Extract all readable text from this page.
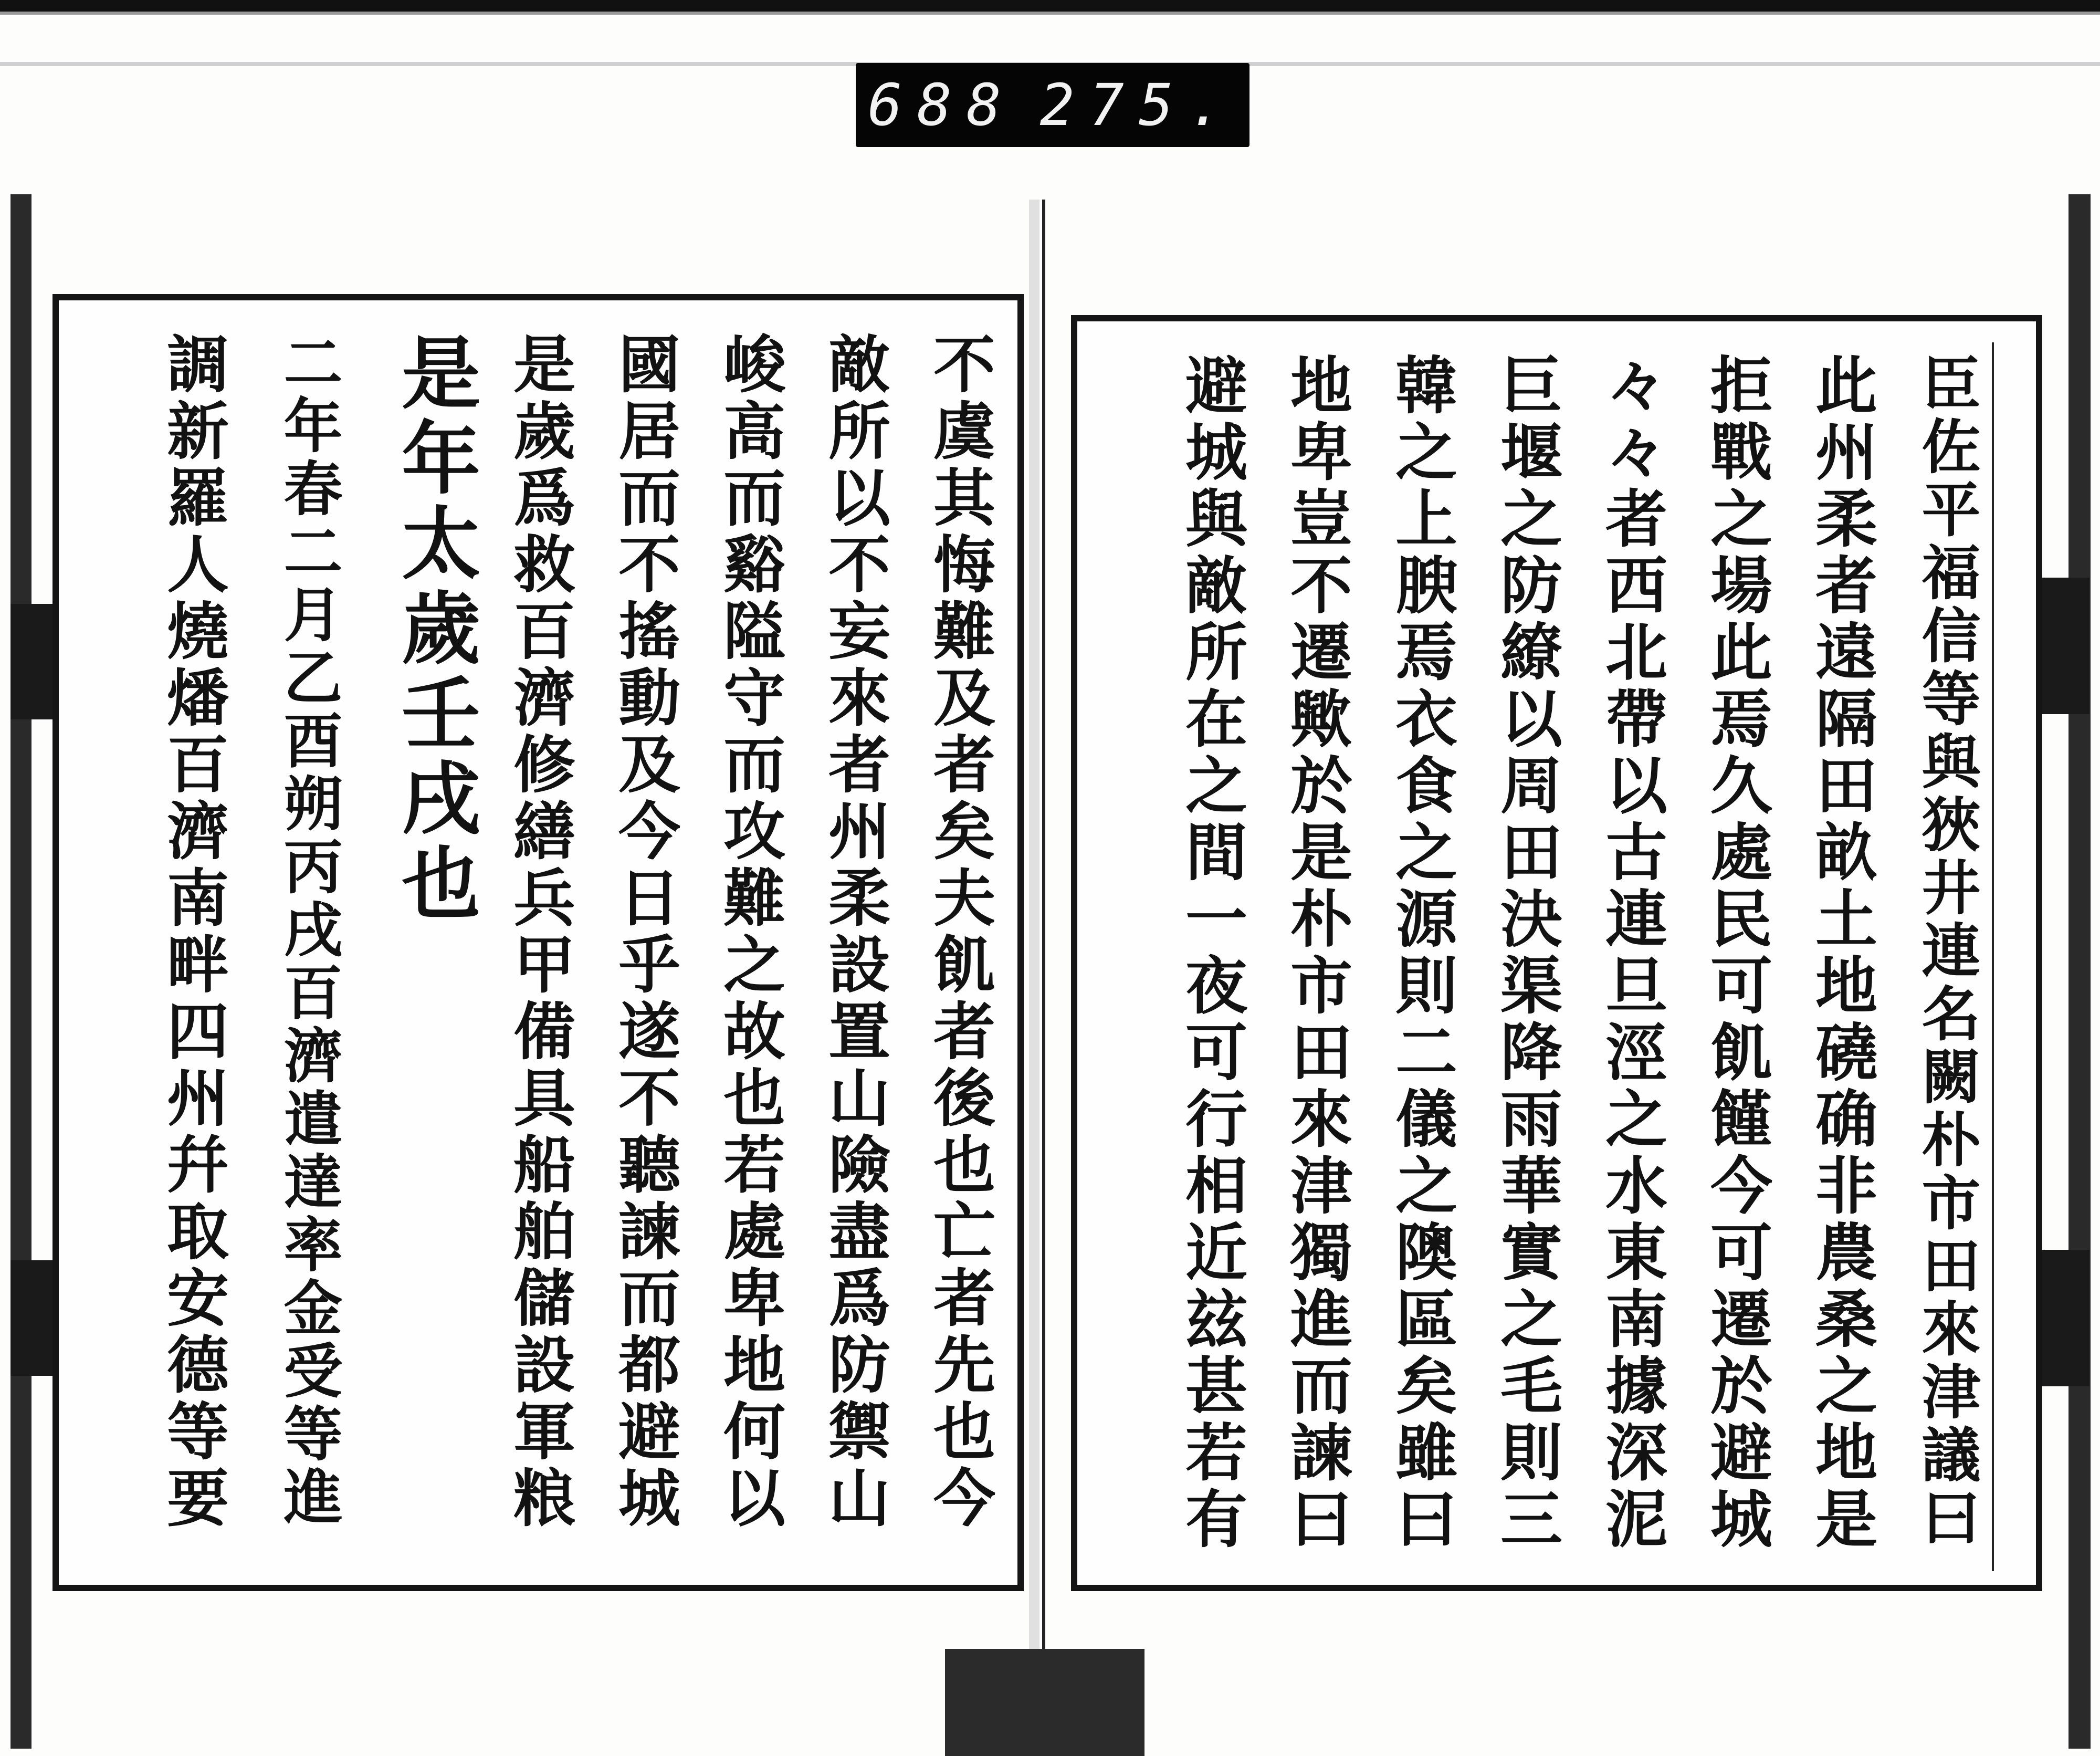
688 275.
不虞其悔難及者矣夫飢者後也亡者先也今
敵所以不妄來者州柔設置山險盡爲防禦山
峻高而谿隘守而攻難之故也若處卑地何以
國居而不搖動及今日乎遂不聽諫而都避城
是歲爲救百濟修繕兵甲備具船舶儲設軍粮
是年太歲壬戌也
二年春二月乙酉朔丙戌百濟遣達率金受等進
調新羅人燒燔百濟南畔四州幷取安德等要	臣佐平福信等與狹井連名闕朴市田來津議曰
此州柔者遠隔田畝土地磽确非農桑之地是
拒戰之場此焉久處民可飢饉今可遷於避城
々々者西北帶以古連旦涇之水東南據深泥
巨堰之防繚以周田決渠降雨華實之毛則三
韓之上腴焉衣食之源則二儀之隩區矣雖曰
地卑豈不遷歟於是朴市田來津獨進而諫曰
避城與敵所在之間一夜可行相近玆甚若有
